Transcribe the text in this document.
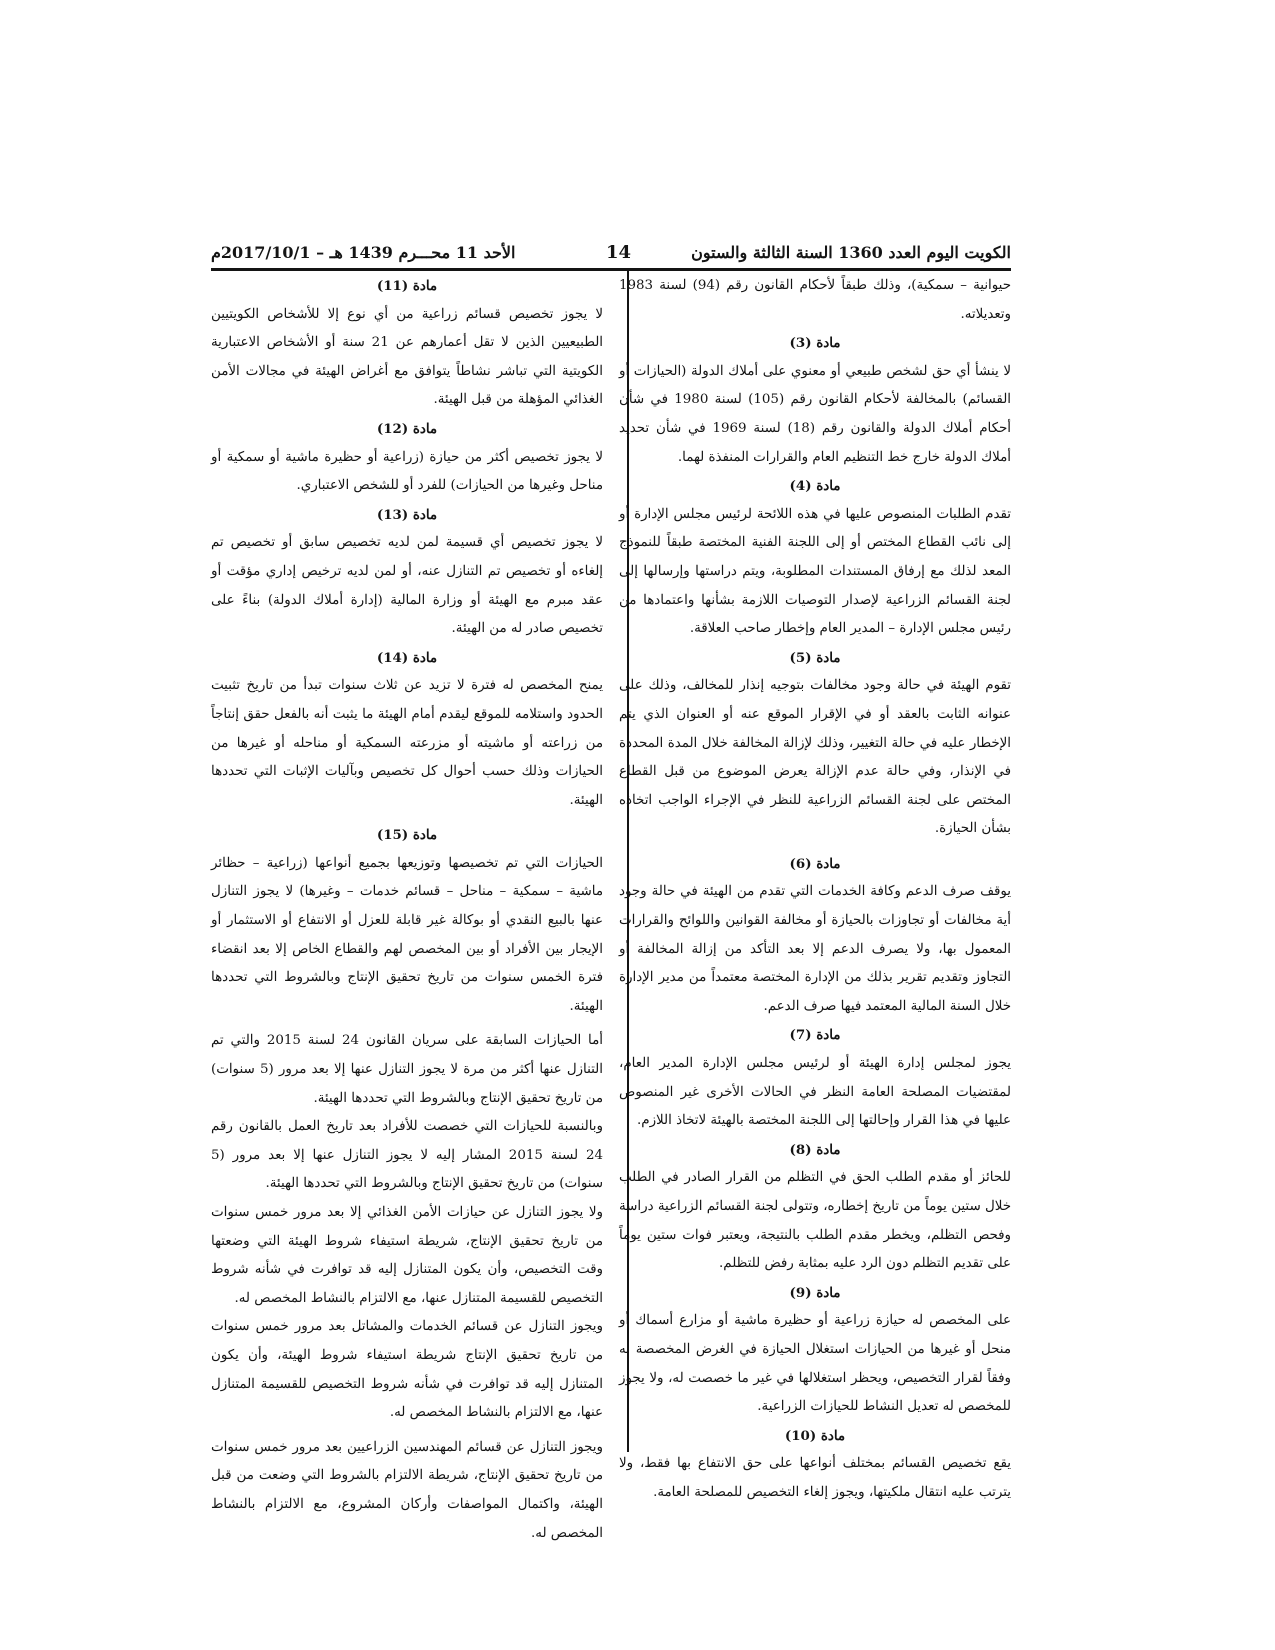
الكويت اليوم العدد 1360 السنة الثالثة والستون
14
الأحد 11 محـــرم 1439 هـ – 2017/10/1م

حيوانية – سمكية)، وذلك طبقاً لأحكام القانون رقم (94) لسنة 1983 وتعديلاته.

مادة (3)

لا ينشأ أي حق لشخص طبيعي أو معنوي على أملاك الدولة (الحيازات أو القسائم) بالمخالفة لأحكام القانون رقم (105) لسنة 1980 في شأن أحكام أملاك الدولة والقانون رقم (18) لسنة 1969 في شأن تحديد أملاك الدولة خارج خط التنظيم العام والقرارات المنفذة لهما.

مادة (4)

تقدم الطلبات المنصوص عليها في هذه اللائحة لرئيس مجلس الإدارة أو إلى نائب القطاع المختص أو إلى اللجنة الفنية المختصة طبقاً للنموذج المعد لذلك مع إرفاق المستندات المطلوبة، ويتم دراستها وإرسالها إلى لجنة القسائم الزراعية لإصدار التوصيات اللازمة بشأنها واعتمادها من رئيس مجلس الإدارة – المدير العام وإخطار صاحب العلاقة.

مادة (5)

تقوم الهيئة في حالة وجود مخالفات بتوجيه إنذار للمخالف، وذلك على عنوانه الثابت بالعقد أو في الإقرار الموقع عنه أو العنوان الذي يتم الإخطار عليه في حالة التغيير، وذلك لإزالة المخالفة خلال المدة المحددة في الإنذار، وفي حالة عدم الإزالة يعرض الموضوع من قبل القطاع المختص على لجنة القسائم الزراعية للنظر في الإجراء الواجب اتخاذه بشأن الحيازة.

مادة (6)

يوقف صرف الدعم وكافة الخدمات التي تقدم من الهيئة في حالة وجود أية مخالفات أو تجاوزات بالحيازة أو مخالفة القوانين واللوائح والقرارات المعمول بها، ولا يصرف الدعم إلا بعد التأكد من إزالة المخالفة أو التجاوز وتقديم تقرير بذلك من الإدارة المختصة معتمداً من مدير الإدارة خلال السنة المالية المعتمد فيها صرف الدعم.

مادة (7)

يجوز لمجلس إدارة الهيئة أو لرئيس مجلس الإدارة المدير العام، لمقتضيات المصلحة العامة النظر في الحالات الأخرى غير المنصوص عليها في هذا القرار وإحالتها إلى اللجنة المختصة بالهيئة لاتخاذ اللازم.

مادة (8)

للحائز أو مقدم الطلب الحق في التظلم من القرار الصادر في الطلب خلال ستين يوماً من تاريخ إخطاره، وتتولى لجنة القسائم الزراعية دراسة وفحص التظلم، ويخطر مقدم الطلب بالنتيجة، ويعتبر فوات ستين يوماً على تقديم التظلم دون الرد عليه بمثابة رفض للتظلم.

مادة (9)

على المخصص له حيازة زراعية أو حظيرة ماشية أو مزارع أسماك أو منحل أو غيرها من الحيازات استغلال الحيازة في الغرض المخصصة له وفقاً لقرار التخصيص، ويحظر استغلالها في غير ما خصصت له، ولا يجوز للمخصص له تعديل النشاط للحيازات الزراعية.

مادة (10)

يقع تخصيص القسائم بمختلف أنواعها على حق الانتفاع بها فقط، ولا يترتب عليه انتقال ملكيتها، ويجوز إلغاء التخصيص للمصلحة العامة.

مادة (11)

لا يجوز تخصيص قسائم زراعية من أي نوع إلا للأشخاص الكويتيين الطبيعيين الذين لا تقل أعمارهم عن 21 سنة أو الأشخاص الاعتبارية الكويتية التي تباشر نشاطاً يتوافق مع أغراض الهيئة في مجالات الأمن الغذائي المؤهلة من قبل الهيئة.

مادة (12)

لا يجوز تخصيص أكثر من حيازة (زراعية أو حظيرة ماشية أو سمكية أو مناحل وغيرها من الحيازات) للفرد أو للشخص الاعتباري.

مادة (13)

لا يجوز تخصيص أي قسيمة لمن لديه تخصيص سابق أو تخصيص تم إلغاءه أو تخصيص تم التنازل عنه، أو لمن لديه ترخيص إداري مؤقت أو عقد مبرم مع الهيئة أو وزارة المالية (إدارة أملاك الدولة) بناءً على تخصيص صادر له من الهيئة.

مادة (14)

يمنح المخصص له فترة لا تزيد عن ثلاث سنوات تبدأ من تاريخ تثبيت الحدود واستلامه للموقع ليقدم أمام الهيئة ما يثبت أنه بالفعل حقق إنتاجاً من زراعته أو ماشيته أو مزرعته السمكية أو مناحله أو غيرها من الحيازات وذلك حسب أحوال كل تخصيص وبآليات الإثبات التي تحددها الهيئة.

مادة (15)

الحيازات التي تم تخصيصها وتوزيعها بجميع أنواعها (زراعية – حظائر ماشية – سمكية – مناحل – قسائم خدمات – وغيرها) لا يجوز التنازل عنها بالبيع النقدي أو بوكالة غير قابلة للعزل أو الانتفاع أو الاستثمار أو الإيجار بين الأفراد أو بين المخصص لهم والقطاع الخاص إلا بعد انقضاء فترة الخمس سنوات من تاريخ تحقيق الإنتاج وبالشروط التي تحددها الهيئة.

أما الحيازات السابقة على سريان القانون 24 لسنة 2015 والتي تم التنازل عنها أكثر من مرة لا يجوز التنازل عنها إلا بعد مرور (5 سنوات) من تاريخ تحقيق الإنتاج وبالشروط التي تحددها الهيئة.

وبالنسبة للحيازات التي خصصت للأفراد بعد تاريخ العمل بالقانون رقم 24 لسنة 2015 المشار إليه لا يجوز التنازل عنها إلا بعد مرور (5 سنوات) من تاريخ تحقيق الإنتاج وبالشروط التي تحددها الهيئة.

ولا يجوز التنازل عن حيازات الأمن الغذائي إلا بعد مرور خمس سنوات من تاريخ تحقيق الإنتاج، شريطة استيفاء شروط الهيئة التي وضعتها وقت التخصيص، وأن يكون المتنازل إليه قد توافرت في شأنه شروط التخصيص للقسيمة المتنازل عنها، مع الالتزام بالنشاط المخصص له.

ويجوز التنازل عن قسائم الخدمات والمشاتل بعد مرور خمس سنوات من تاريخ تحقيق الإنتاج شريطة استيفاء شروط الهيئة، وأن يكون المتنازل إليه قد توافرت في شأنه شروط التخصيص للقسيمة المتنازل عنها، مع الالتزام بالنشاط المخصص له.

ويجوز التنازل عن قسائم المهندسين الزراعيين بعد مرور خمس سنوات من تاريخ تحقيق الإنتاج، شريطة الالتزام بالشروط التي وضعت من قبل الهيئة، واكتمال المواصفات وأركان المشروع، مع الالتزام بالنشاط المخصص له.
